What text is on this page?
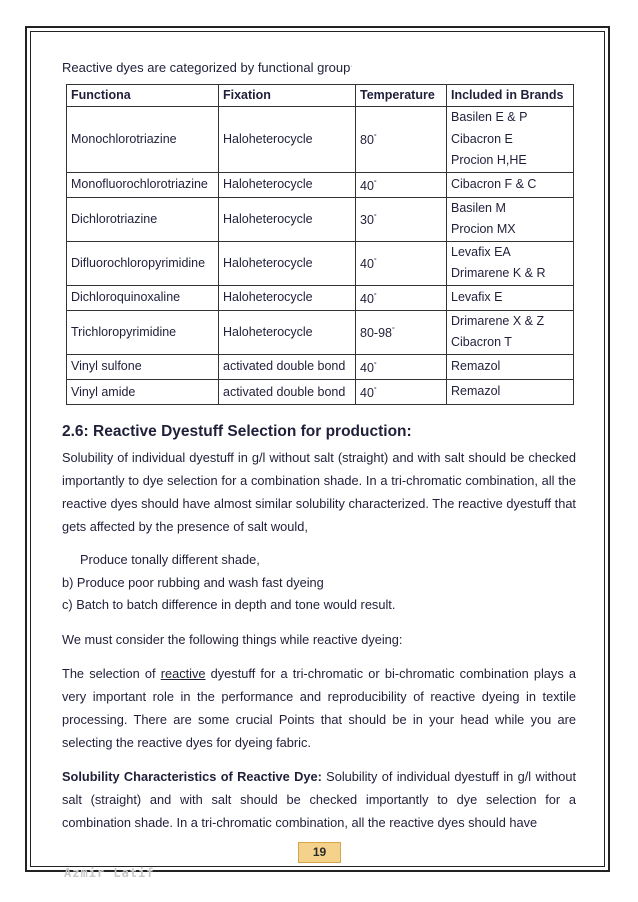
Reactive dyes are categorized by functional group.

Functiona	Fixation	Temperature	Included in Brands
Monochlorotriazine	Haloheterocycle	80°	Basilen E & P
Cibacron E
Procion H,HE

Monofluorochlorotriazine	Haloheterocycle	40°	Cibacron F & C

Dichlorotriazine	Haloheterocycle	30°	Basilen M
Procion MX

Difluorochloropyrimidine	Haloheterocycle	40°	Levafix EA
Drimarene K & R

Dichloroquinoxaline	Haloheterocycle	40°	Levafix E

Trichloropyrimidine	Haloheterocycle	80-98°	Drimarene X & Z
Cibacron T

Vinyl sulfone	activated double bond	40°	Remazol

Vinyl amide	activated double bond	40°	Remazol
2.6: Reactive Dyestuff Selection for production:

Solubility of individual dyestuff in g/l without salt (straight) and with salt should be checked importantly to dye selection for a combination shade. In a tri-chromatic combination, all the reactive dyes should have almost similar solubility characterized. The reactive dyestuff that gets affected by the presence of salt would,

Produce tonally different shade,

b) Produce poor rubbing and wash fast dyeing

c) Batch to batch difference in depth and tone would result.

We must consider the following things while reactive dyeing:

The selection of reactive dyestuff for a tri-chromatic or bi-chromatic combination plays a very important role in the performance and reproducibility of reactive dyeing in textile processing. There are some crucial Points that should be in your head while you are selecting the reactive dyes for dyeing fabric.

Solubility Characteristics of Reactive Dye: Solubility of individual dyestuff in g/l without salt (straight) and with salt should be checked importantly to dye selection for a combination shade. In a tri-chromatic combination, all the reactive dyes should have

19
Azmir Latif
